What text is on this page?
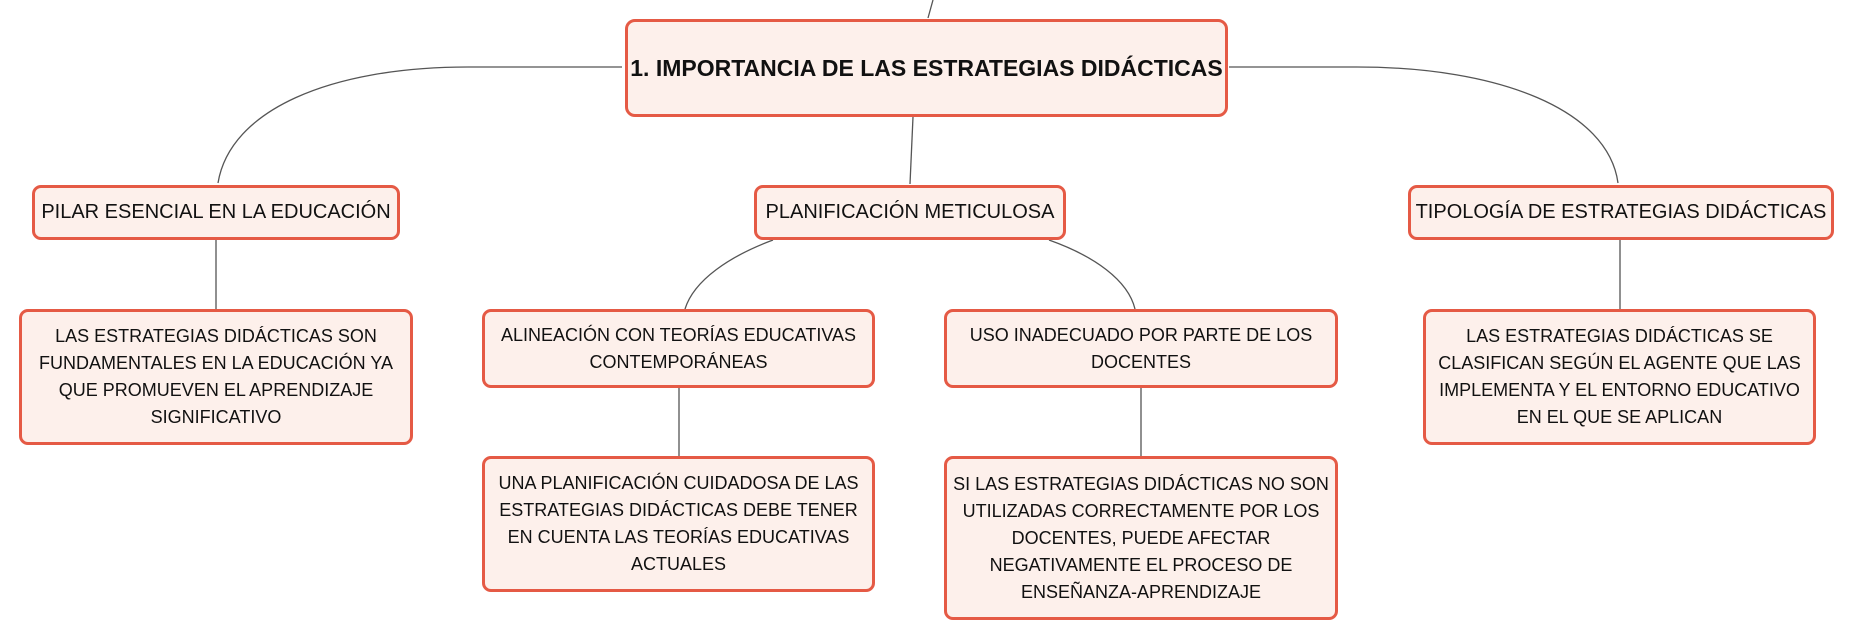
1. IMPORTANCIA DE LAS ESTRATEGIAS DIDÁCTICAS
PILAR ESENCIAL EN LA EDUCACIÓN	PLANIFICACIÓN METICULOSA	TIPOLOGÍA DE ESTRATEGIAS DIDÁCTICAS
LAS ESTRATEGIAS DIDÁCTICAS SON FUNDAMENTALES EN LA EDUCACIÓN YA QUE PROMUEVEN EL APRENDIZAJE SIGNIFICATIVO
ALINEACIÓN CON TEORÍAS EDUCATIVAS CONTEMPORÁNEAS
USO INADECUADO POR PARTE DE LOS DOCENTES
LAS ESTRATEGIAS DIDÁCTICAS SE CLASIFICAN SEGÚN EL AGENTE QUE LAS IMPLEMENTA Y EL ENTORNO EDUCATIVO EN EL QUE SE APLICAN
UNA PLANIFICACIÓN CUIDADOSA DE LAS ESTRATEGIAS DIDÁCTICAS DEBE TENER EN CUENTA LAS TEORÍAS EDUCATIVAS ACTUALES
SI LAS ESTRATEGIAS DIDÁCTICAS NO SON UTILIZADAS CORRECTAMENTE POR LOS DOCENTES, PUEDE AFECTAR NEGATIVAMENTE EL PROCESO DE ENSEÑANZA-APRENDIZAJE
